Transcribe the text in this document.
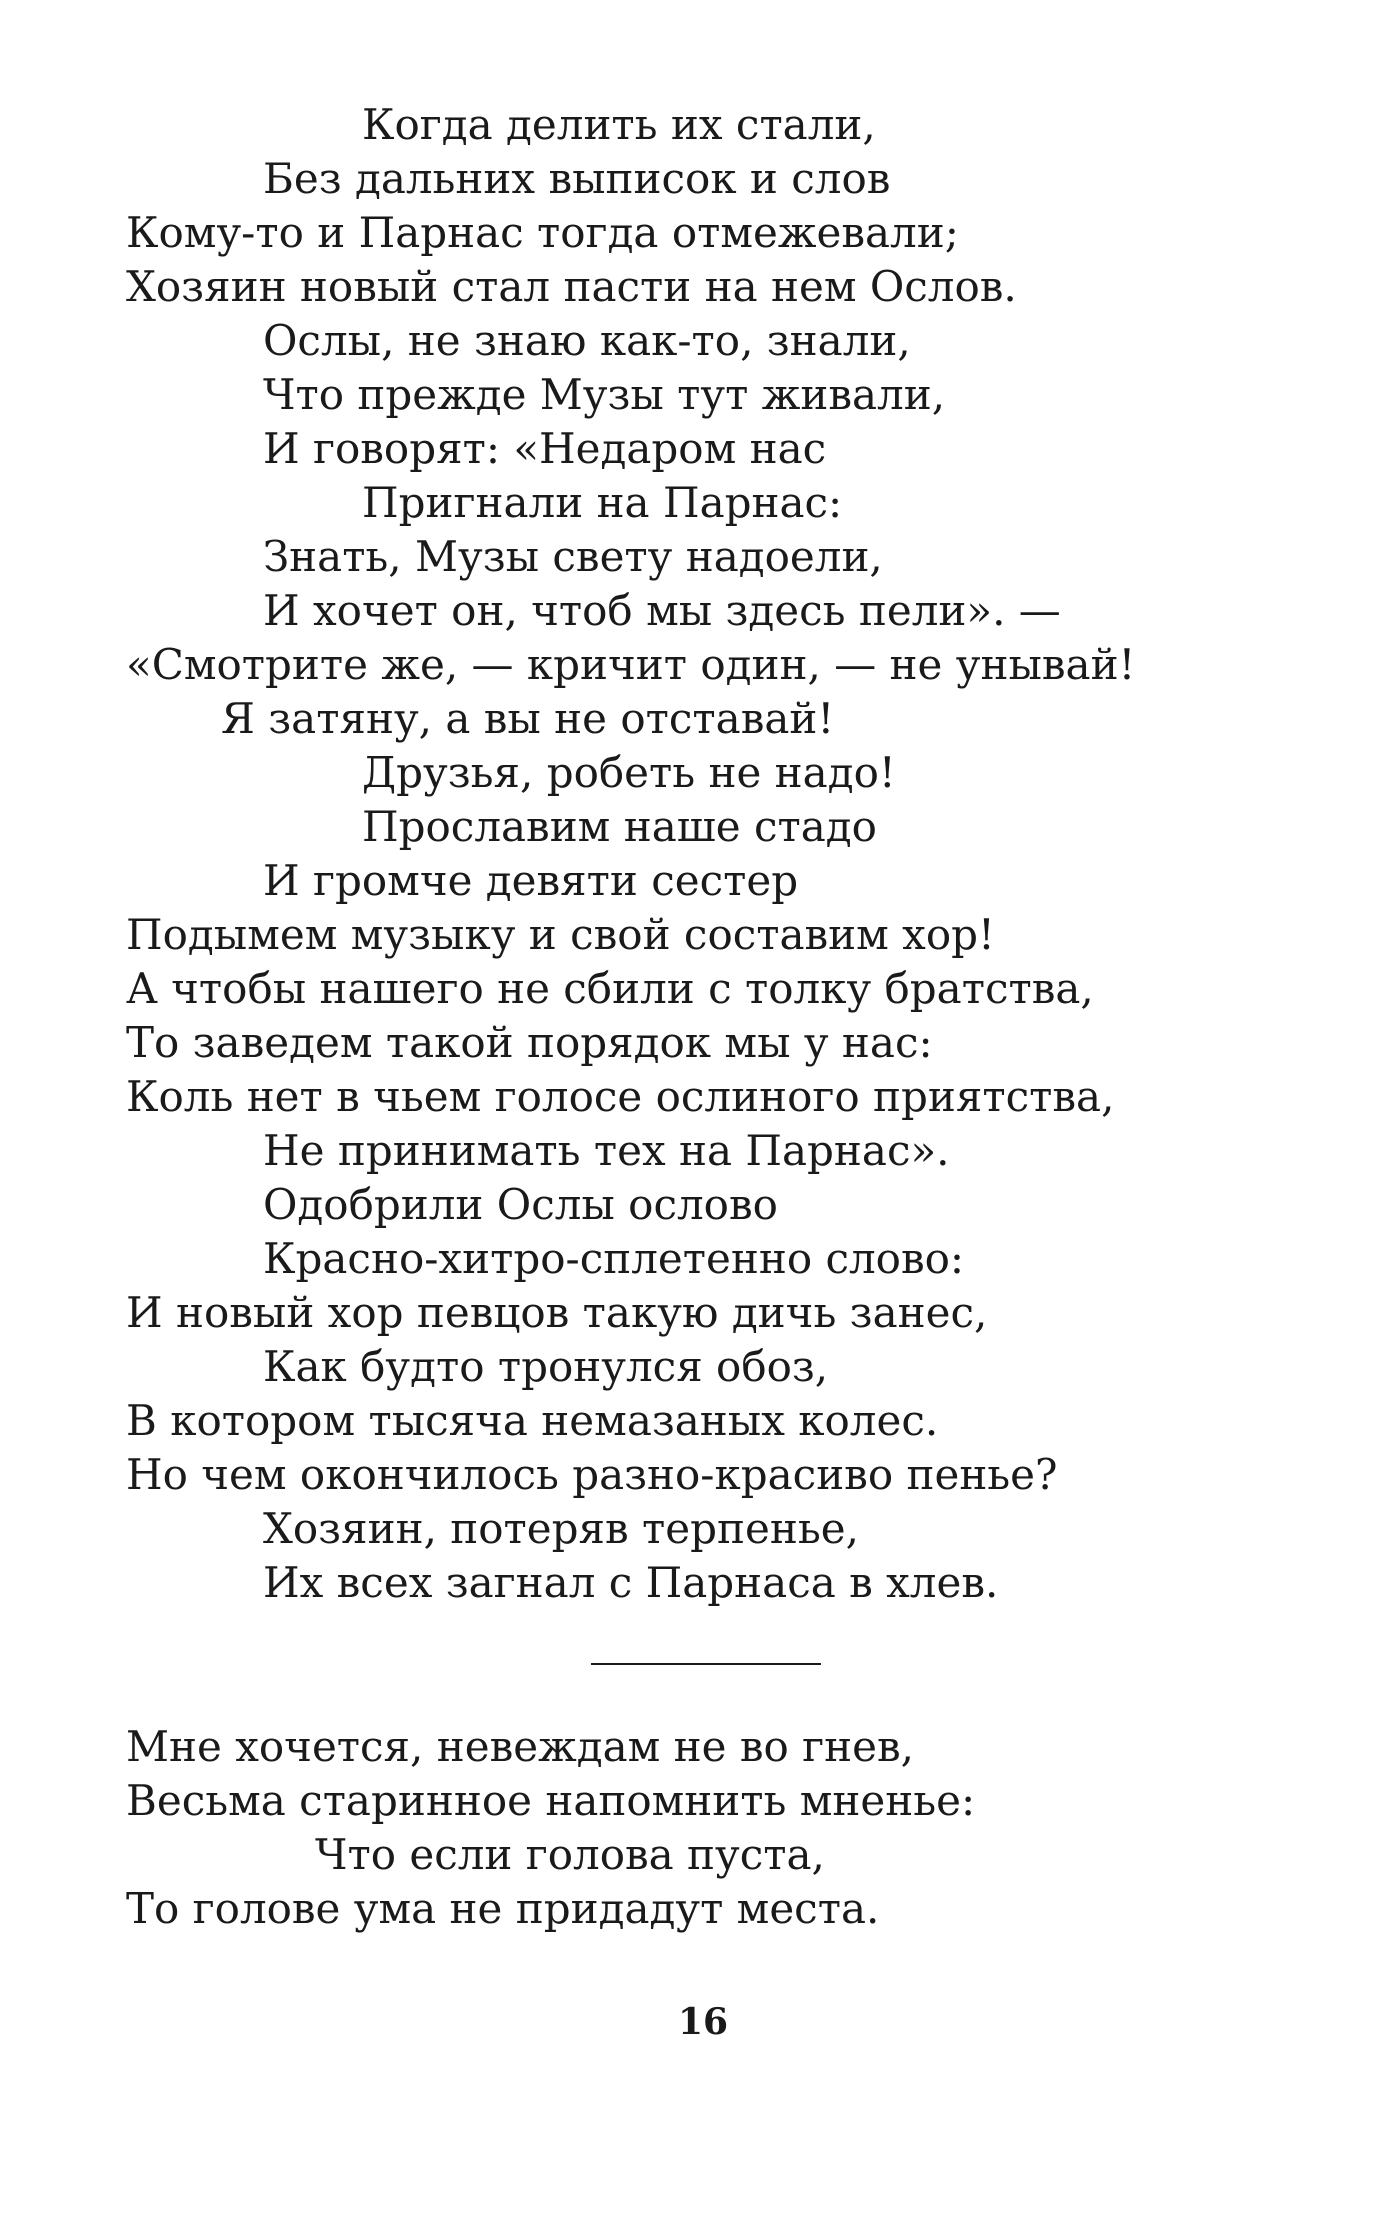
Когда делить их стали,
Без дальних выписок и слов
Кому-то и Парнас тогда отмежевали;
Хозяин новый стал пасти на нем Ослов.
Ослы, не знаю как-то, знали,
Что прежде Музы тут живали,
И говорят: «Недаром нас
Пригнали на Парнас:
Знать, Музы свету надоели,
И хочет он, чтоб мы здесь пели». —
«Смотрите же, — кричит один, — не унывай!
Я затяну, а вы не отставай!
Друзья, робеть не надо!
Прославим наше стадо
И громче девяти сестер
Подымем музыку и свой составим хор!
А чтобы нашего не сбили с толку братства,
То заведем такой порядок мы у нас:
Коль нет в чьем голосе ослиного приятства,
Не принимать тех на Парнас».
Одобрили Ослы ослово
Красно-хитро-сплетенно слово:
И новый хор певцов такую дичь занес,
Как будто тронулся обоз,
В котором тысяча немазаных колес.
Но чем окончилось разно-красиво пенье?
Хозяин, потеряв терпенье,
Их всех загнал с Парнаса в хлев.
Мне хочется, невеждам не во гнев,
Весьма старинное напомнить мненье:
Что если голова пуста,
То голове ума не придадут места.
16
